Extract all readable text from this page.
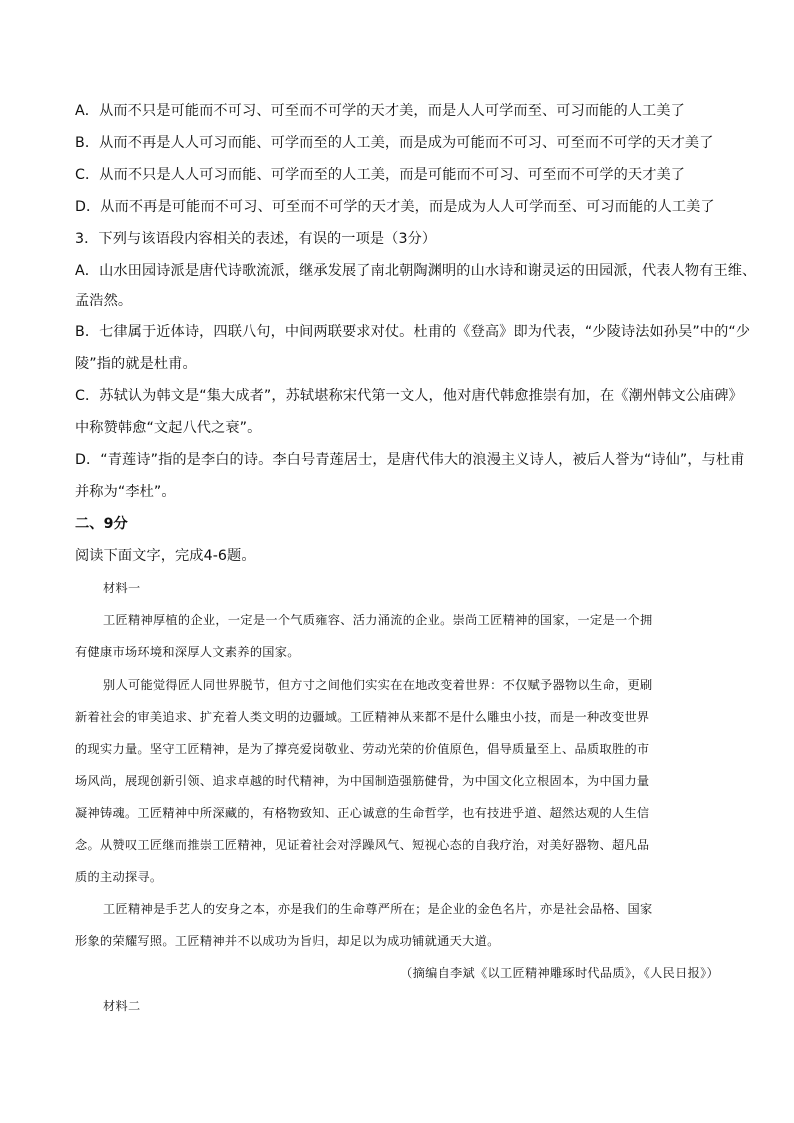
A．从而不只是可能而不可习、可至而不可学的天才美，而是人人可学而至、可习而能的人工美了
B．从而不再是人人可习而能、可学而至的人工美，而是成为可能而不可习、可至而不可学的天才美了
C．从而不只是人人可习而能、可学而至的人工美，而是可能而不可习、可至而不可学的天才美了
D．从而不再是可能而不可习、可至而不可学的天才美，而是成为人人可学而至、可习而能的人工美了
3．下列与该语段内容相关的表述，有误的一项是（3分）
A．山水田园诗派是唐代诗歌流派，继承发展了南北朝陶渊明的山水诗和谢灵运的田园派，代表人物有王维、
孟浩然。
B．七律属于近体诗，四联八句，中间两联要求对仗。杜甫的《登高》即为代表，“少陵诗法如孙吴”中的“少
陵”指的就是杜甫。
C．苏轼认为韩文是“集大成者”，苏轼堪称宋代第一文人，他对唐代韩愈推崇有加，在《潮州韩文公庙碑》
中称赞韩愈“文起八代之衰”。
D．“青莲诗”指的是李白的诗。李白号青莲居士，是唐代伟大的浪漫主义诗人，被后人誉为“诗仙”，与杜甫
并称为“李杜”。
二、9分
阅读下面文字，完成4-6题。
材料一
工匠精神厚植的企业，一定是一个气质雍容、活力涌流的企业。崇尚工匠精神的国家，一定是一个拥
有健康市场环境和深厚人文素养的国家。
别人可能觉得匠人同世界脱节，但方寸之间他们实实在在地改变着世界：不仅赋予器物以生命，更刷
新着社会的审美追求、扩充着人类文明的边疆域。工匠精神从来都不是什么雕虫小技，而是一种改变世界
的现实力量。坚守工匠精神，是为了撑亮爱岗敬业、劳动光荣的价值原色，倡导质量至上、品质取胜的市
场风尚，展现创新引领、追求卓越的时代精神，为中国制造强筋健骨，为中国文化立根固本，为中国力量
凝神铸魂。工匠精神中所深藏的，有格物致知、正心诚意的生命哲学，也有技进乎道、超然达观的人生信
念。从赞叹工匠继而推崇工匠精神，见证着社会对浮躁风气、短视心态的自我疗治，对美好器物、超凡品
质的主动探寻。
工匠精神是手艺人的安身之本，亦是我们的生命尊严所在；是企业的金色名片，亦是社会品格、国家
形象的荣耀写照。工匠精神并不以成功为旨归，却足以为成功铺就通天大道。
（摘编自李斌《以工匠精神雕琢时代品质》，《人民日报》）
材料二
